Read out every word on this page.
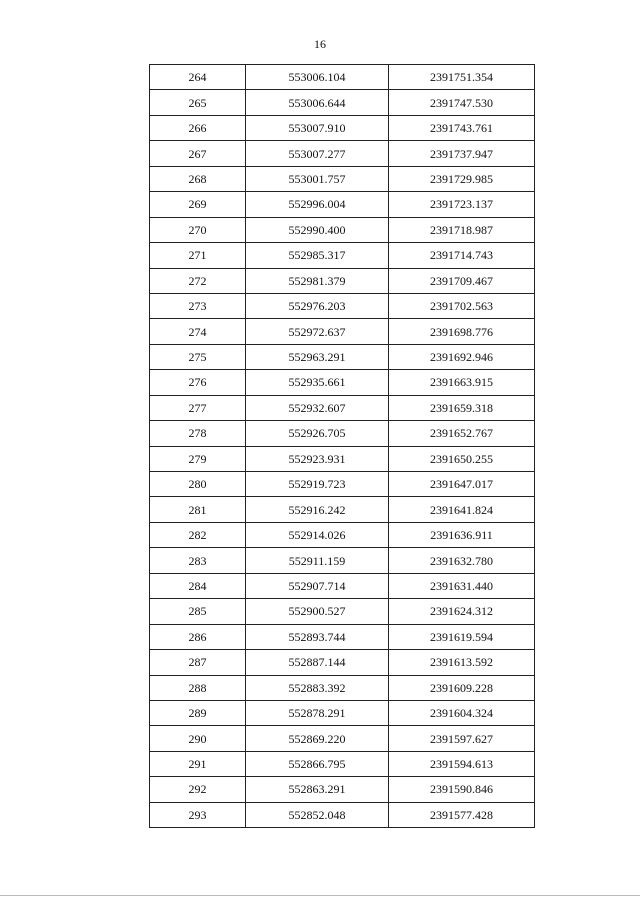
16
264	553006.104	2391751.354
265	553006.644	2391747.530
266	553007.910	2391743.761
267	553007.277	2391737.947
268	553001.757	2391729.985
269	552996.004	2391723.137
270	552990.400	2391718.987
271	552985.317	2391714.743
272	552981.379	2391709.467
273	552976.203	2391702.563
274	552972.637	2391698.776
275	552963.291	2391692.946
276	552935.661	2391663.915
277	552932.607	2391659.318
278	552926.705	2391652.767
279	552923.931	2391650.255
280	552919.723	2391647.017
281	552916.242	2391641.824
282	552914.026	2391636.911
283	552911.159	2391632.780
284	552907.714	2391631.440
285	552900.527	2391624.312
286	552893.744	2391619.594
287	552887.144	2391613.592
288	552883.392	2391609.228
289	552878.291	2391604.324
290	552869.220	2391597.627
291	552866.795	2391594.613
292	552863.291	2391590.846
293	552852.048	2391577.428
